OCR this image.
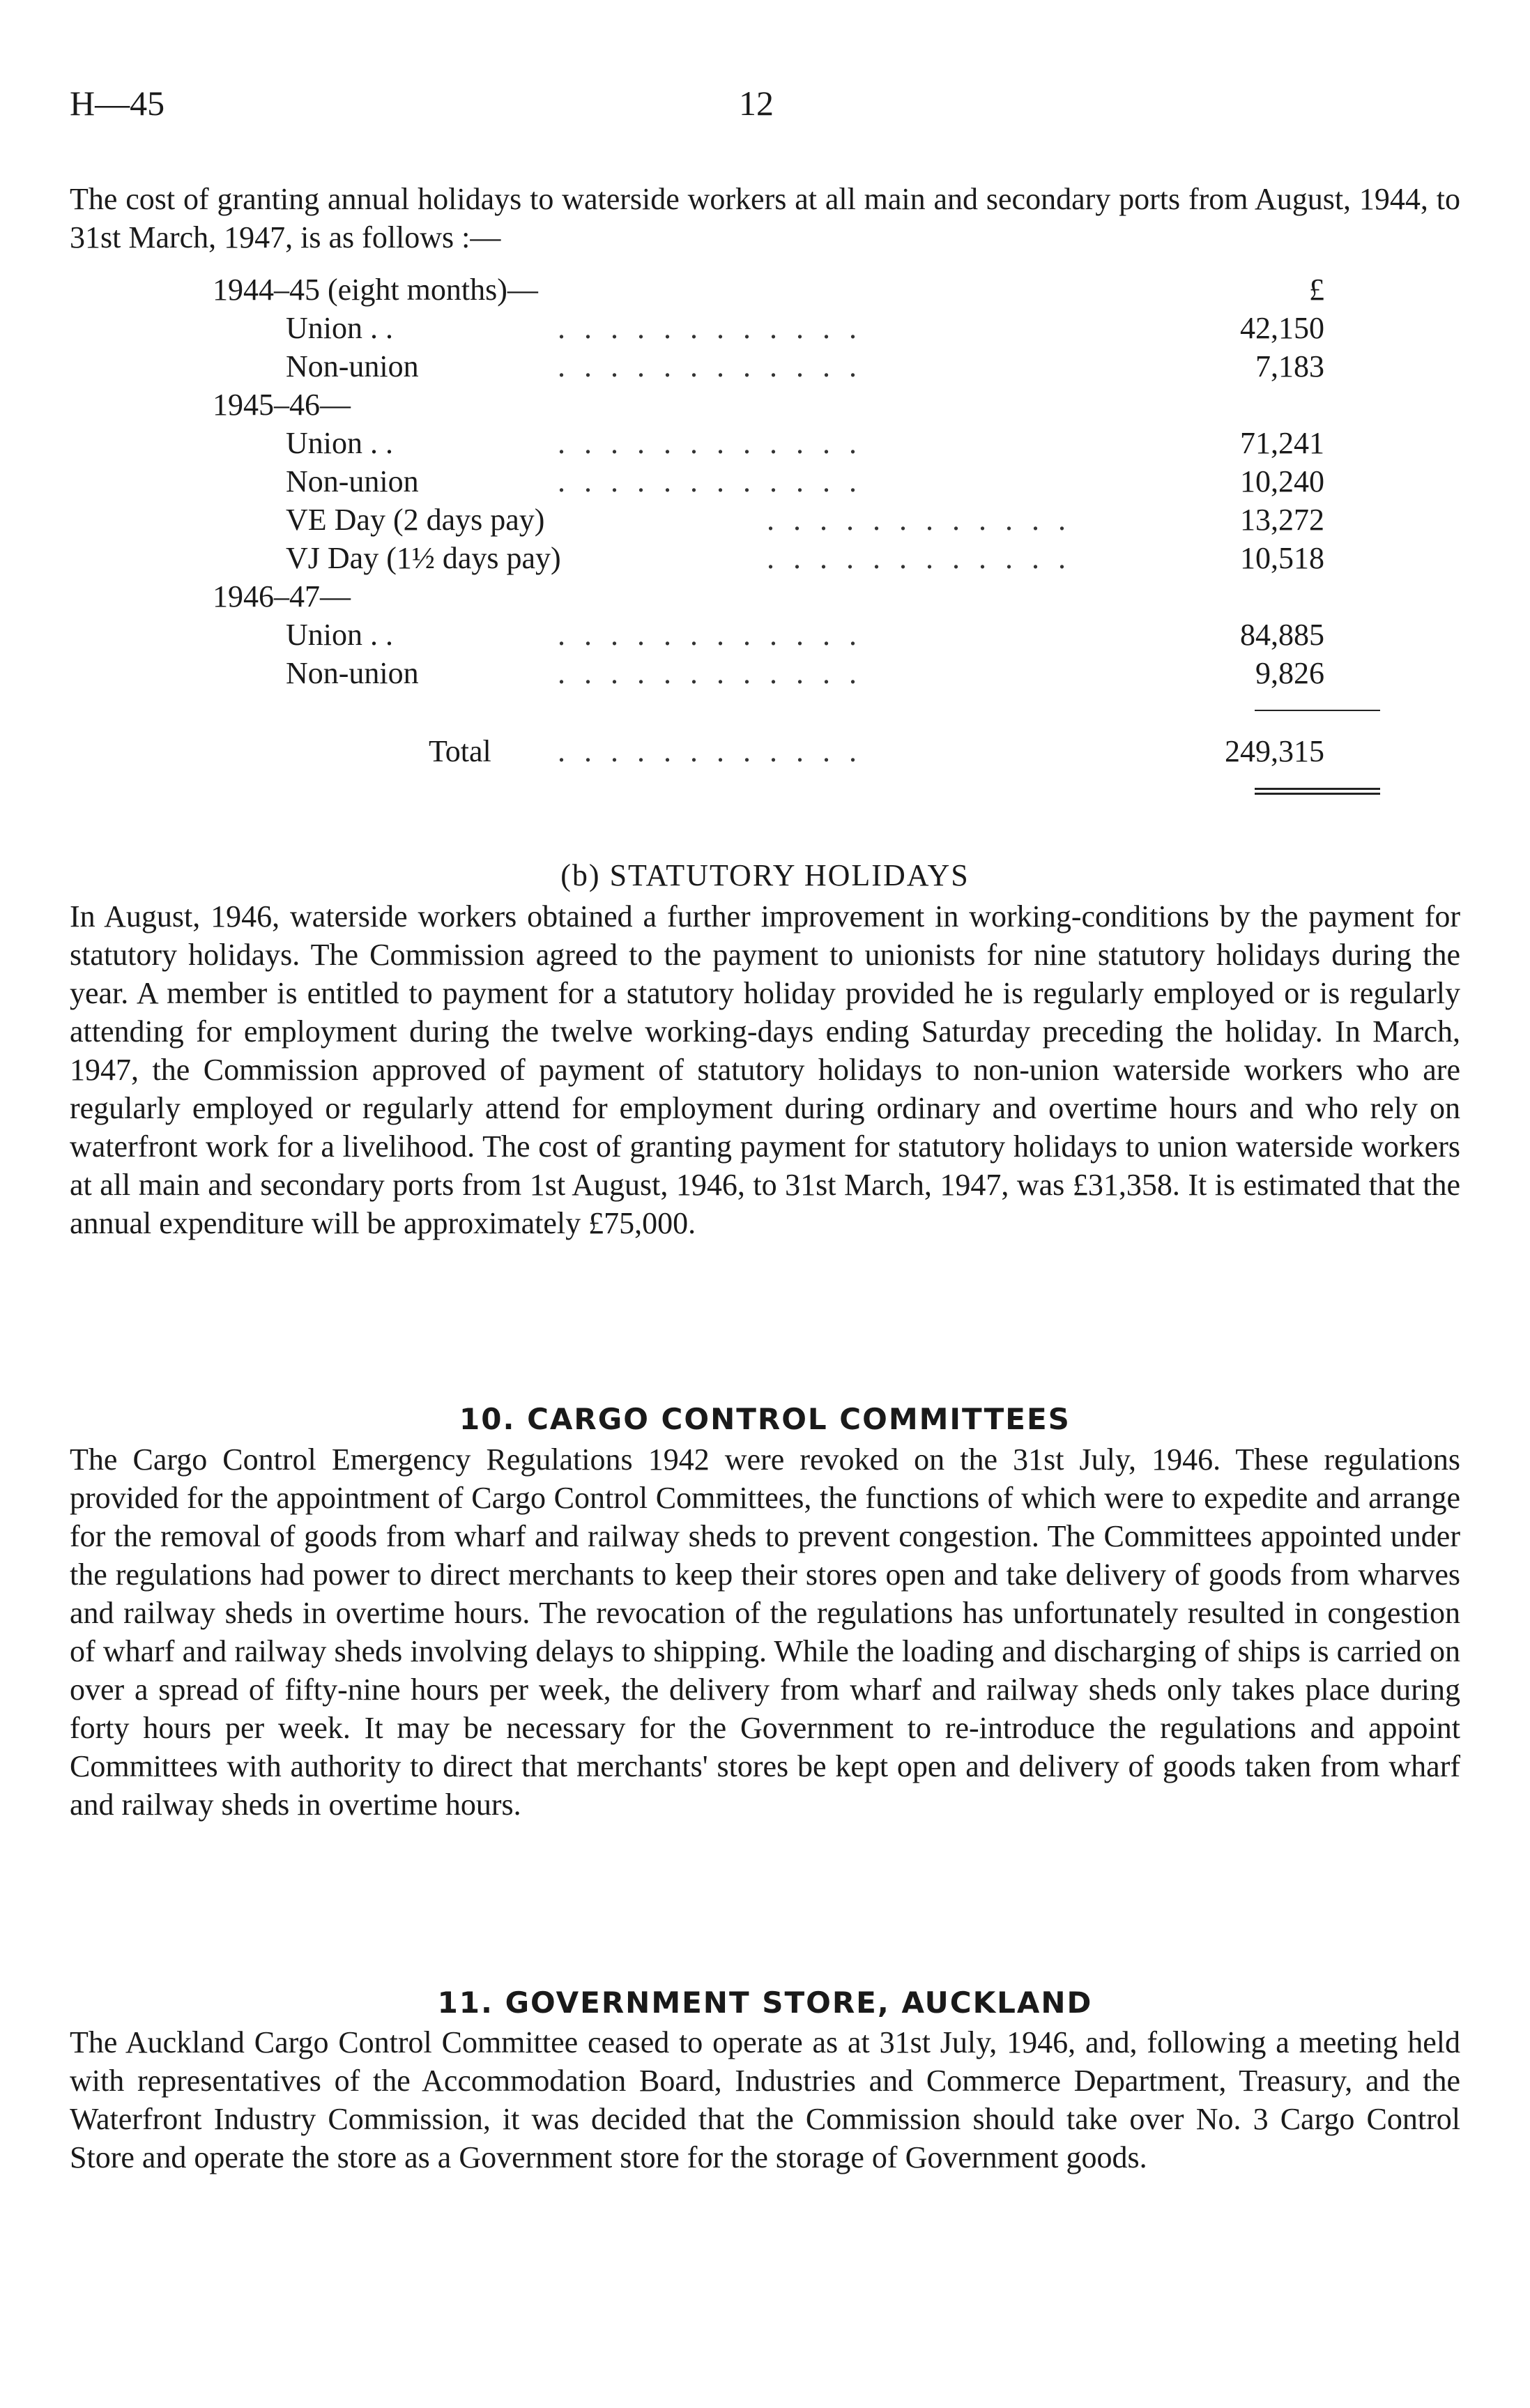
H—45	12

The cost of granting annual holidays to waterside workers at all main and secondary ports from August, 1944, to 31st March, 1947, is as follows :—

1944–45 (eight months)—	£
Union . .	. . . . . . . . . . . .	42,150
Non-union	. . . . . . . . . . . .	7,183
1945–46—
Union . .	. . . . . . . . . . . .	71,241
Non-union	. . . . . . . . . . . .	10,240
VE Day (2 days pay)	. . . . . . . . . . . .	13,272
VJ Day (1½ days pay)	. . . . . . . . . . . .	10,518
1946–47—
Union . .	. . . . . . . . . . . .	84,885
Non-union	. . . . . . . . . . . .	9,826
Total . . . . . . . . . . . .	249,315
(b) STATUTORY HOLIDAYS

In August, 1946, waterside workers obtained a further improvement in working-conditions by the payment for statutory holidays. The Commission agreed to the payment to unionists for nine statutory holidays during the year. A member is entitled to payment for a statutory holiday provided he is regularly employed or is regularly attending for employment during the twelve working-days ending Saturday preceding the holiday. In March, 1947, the Commission approved of payment of statutory holidays to non-union waterside workers who are regularly employed or regularly attend for employment during ordinary and overtime hours and who rely on waterfront work for a livelihood. The cost of granting payment for statutory holidays to union waterside workers at all main and secondary ports from 1st August, 1946, to 31st March, 1947, was £31,358. It is estimated that the annual expenditure will be approximately £75,000.

10. CARGO CONTROL COMMITTEES

The Cargo Control Emergency Regulations 1942 were revoked on the 31st July, 1946. These regulations provided for the appointment of Cargo Control Committees, the functions of which were to expedite and arrange for the removal of goods from wharf and railway sheds to prevent congestion. The Committees appointed under the regulations had power to direct merchants to keep their stores open and take delivery of goods from wharves and railway sheds in overtime hours. The revocation of the regulations has unfortunately resulted in congestion of wharf and railway sheds involving delays to shipping. While the loading and discharging of ships is carried on over a spread of fifty-nine hours per week, the delivery from wharf and railway sheds only takes place during forty hours per week. It may be necessary for the Government to re-introduce the regulations and appoint Committees with authority to direct that merchants' stores be kept open and delivery of goods taken from wharf and railway sheds in overtime hours.

11. GOVERNMENT STORE, AUCKLAND

The Auckland Cargo Control Committee ceased to operate as at 31st July, 1946, and, following a meeting held with representatives of the Accommodation Board, Industries and Commerce Department, Treasury, and the Waterfront Industry Commission, it was decided that the Commission should take over No. 3 Cargo Control Store and operate the store as a Government store for the storage of Government goods.
